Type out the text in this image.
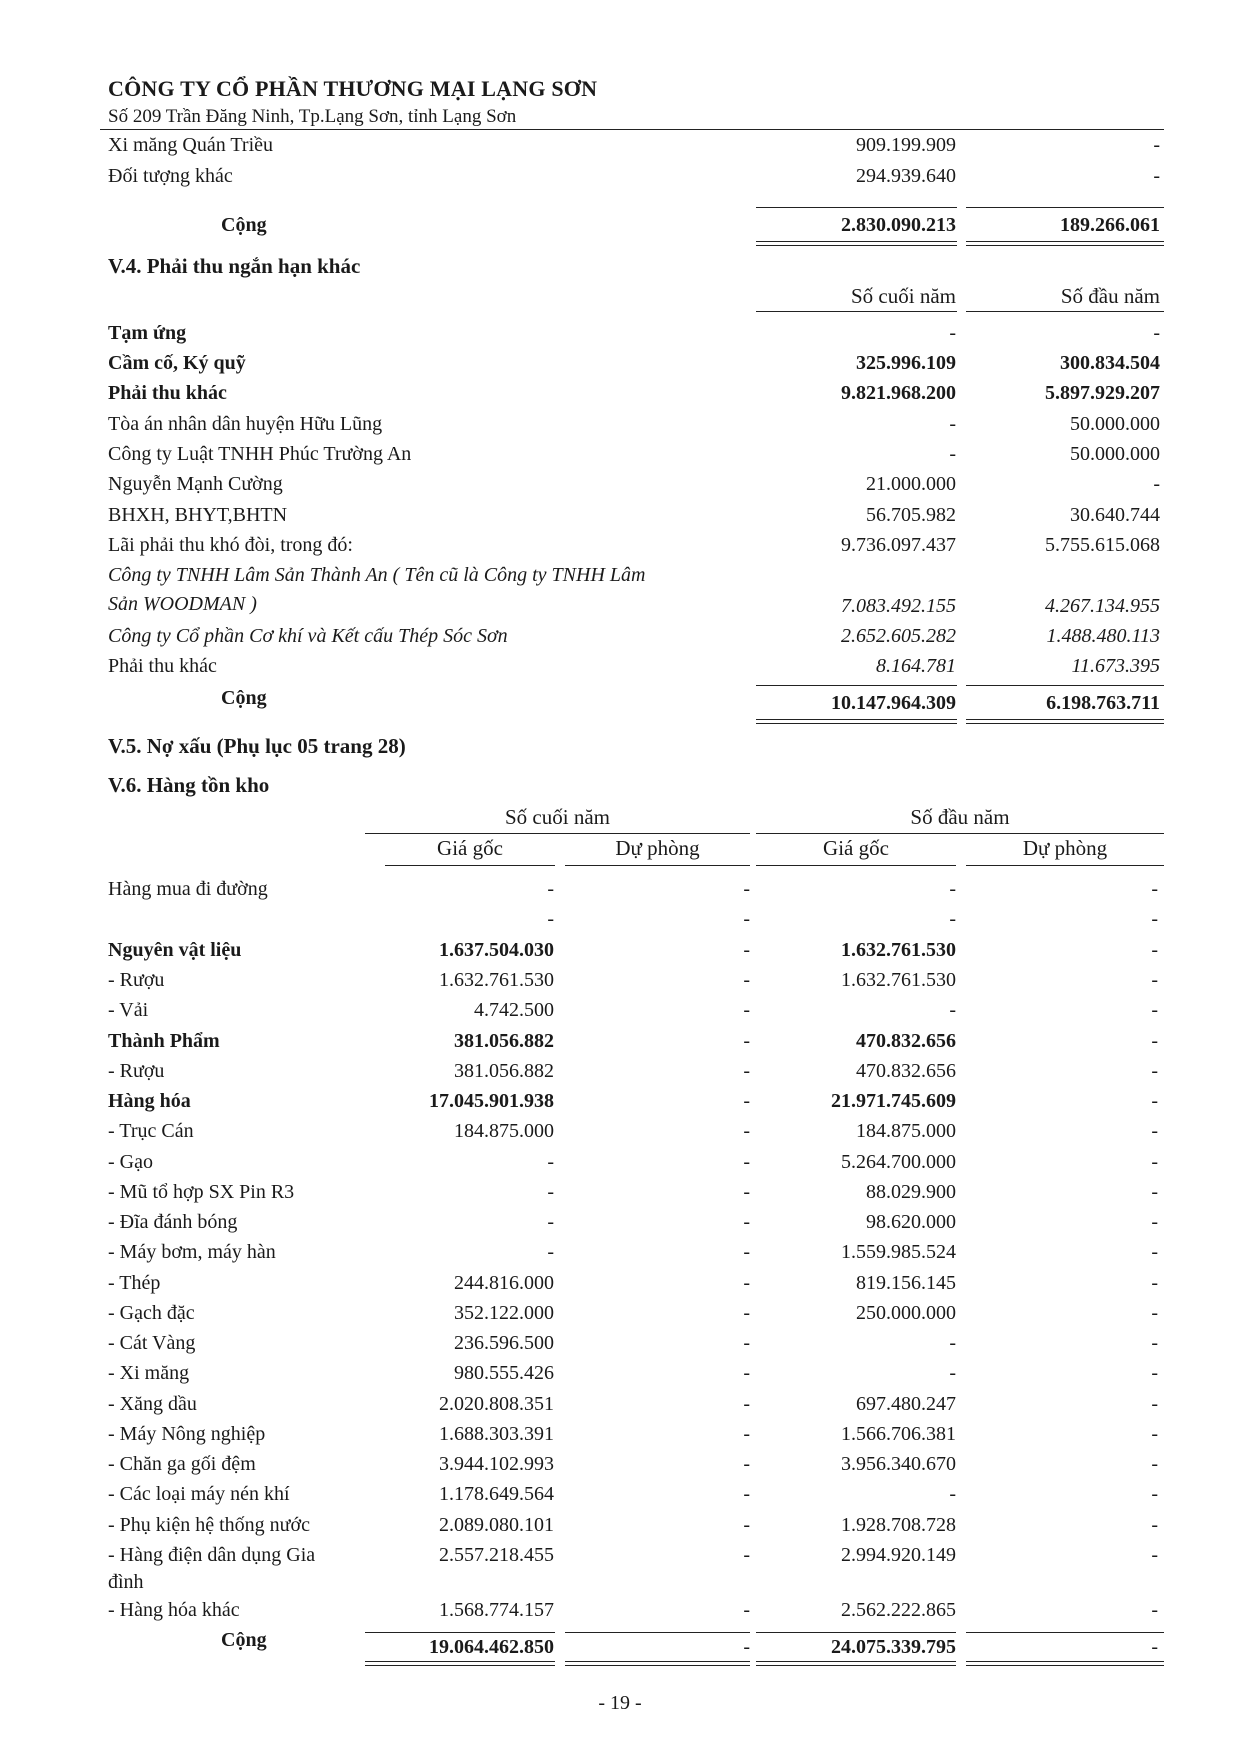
CÔNG TY CỔ PHẦN THƯƠNG MẠI LẠNG SƠN
Số 209 Trần Đăng Ninh, Tp.Lạng Sơn, tỉnh Lạng Sơn
Xi măng Quán Triều	909.199.909	-
Đối tượng khác	294.939.640	-
Cộng	2.830.090.213	189.266.061
V.4. Phải thu ngắn hạn khác
Số cuối năm	Số đầu năm
Tạm ứng	-	-
Cầm cố, Ký quỹ	325.996.109	300.834.504
Phải thu khác	9.821.968.200	5.897.929.207
Tòa án nhân dân huyện Hữu Lũng	-	50.000.000
Công ty Luật TNHH Phúc Trường An	-	50.000.000
Nguyễn Mạnh Cường	21.000.000	-
BHXH, BHYT,BHTN	56.705.982	30.640.744
Lãi phải thu khó đòi, trong đó:	9.736.097.437	5.755.615.068
Công ty TNHH Lâm Sản Thành An ( Tên cũ là Công ty TNHH Lâm
Sản WOODMAN )	7.083.492.155	4.267.134.955
Công ty Cổ phần Cơ khí và Kết cấu Thép Sóc Sơn	2.652.605.282	1.488.480.113
Phải thu khác	8.164.781	11.673.395
Cộng	10.147.964.309	6.198.763.711
V.5. Nợ xấu (Phụ lục 05 trang 28)
V.6. Hàng tồn kho
Số cuối năm	Số đầu năm
Giá gốc	Dự phòng	Giá gốc	Dự phòng
Hàng mua đi đường	-	-	-	-
-	-	-	-
Nguyên vật liệu	1.637.504.030	-	1.632.761.530	-
- Rượu	1.632.761.530	-	1.632.761.530	-
- Vải	4.742.500	-	-	-
Thành Phẩm	381.056.882	-	470.832.656	-
- Rượu	381.056.882	-	470.832.656	-
Hàng hóa	17.045.901.938	-	21.971.745.609	-
- Trục Cán	184.875.000	-	184.875.000	-
- Gạo	-	-	5.264.700.000	-
- Mũ tổ hợp SX Pin R3	-	-	88.029.900	-
- Đĩa đánh bóng	-	-	98.620.000	-
- Máy bơm, máy hàn	-	-	1.559.985.524	-
- Thép	244.816.000	-	819.156.145	-
- Gạch đặc	352.122.000	-	250.000.000	-
- Cát Vàng	236.596.500	-	-	-
- Xi măng	980.555.426	-	-	-
- Xăng dầu	2.020.808.351	-	697.480.247	-
- Máy Nông nghiệp	1.688.303.391	-	1.566.706.381	-
- Chăn ga gối đệm	3.944.102.993	-	3.956.340.670	-
- Các loại máy nén khí	1.178.649.564	-	-	-
- Phụ kiện hệ thống nước	2.089.080.101	-	1.928.708.728	-
- Hàng điện dân dụng Gia
đình
2.557.218.455	-	2.994.920.149	-
- Hàng hóa khác	1.568.774.157	-	2.562.222.865	-
Cộng	19.064.462.850	-	24.075.339.795	-
- 19 -
